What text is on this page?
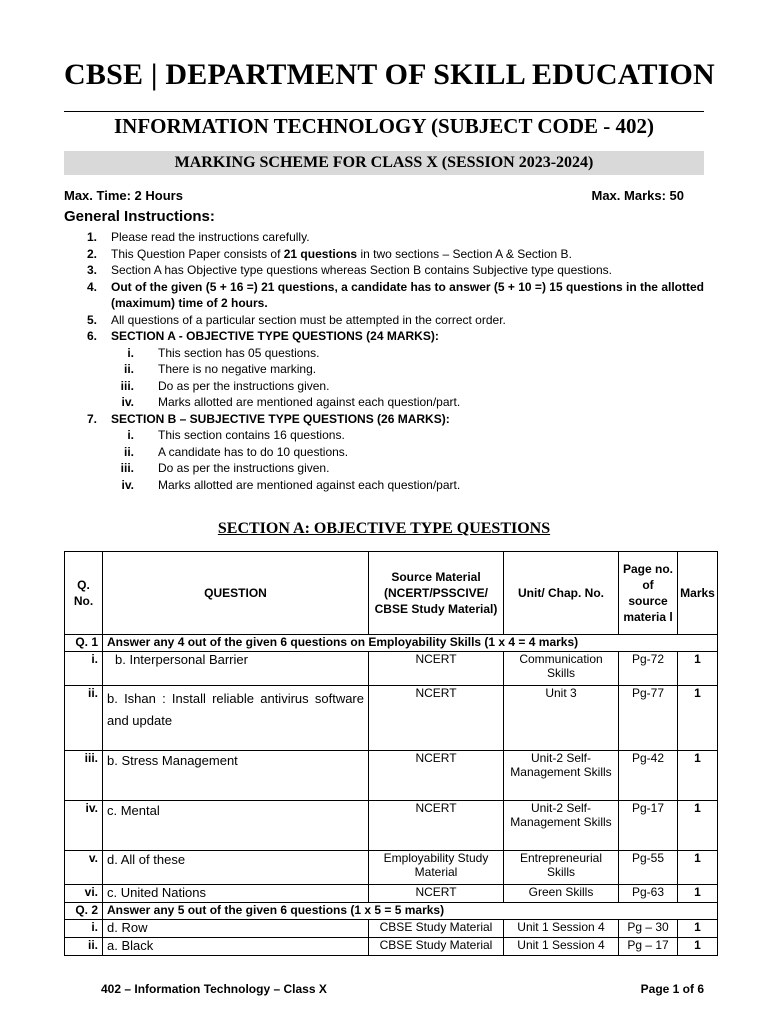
CBSE | DEPARTMENT OF SKILL EDUCATION
INFORMATION TECHNOLOGY (SUBJECT CODE - 402)
MARKING SCHEME FOR CLASS X (SESSION 2023-2024)
Max. Time: 2 Hours	Max. Marks: 50
General Instructions:
1. Please read the instructions carefully.
2. This Question Paper consists of 21 questions in two sections – Section A & Section B.
3. Section A has Objective type questions whereas Section B contains Subjective type questions.
4. Out of the given (5 + 16 =) 21 questions, a candidate has to answer (5 + 10 =) 15 questions in the allotted (maximum) time of 2 hours.
5. All questions of a particular section must be attempted in the correct order.
6. SECTION A - OBJECTIVE TYPE QUESTIONS (24 MARKS):
i. This section has 05 questions.
ii. There is no negative marking.
iii. Do as per the instructions given.
iv. Marks allotted are mentioned against each question/part.
7. SECTION B – SUBJECTIVE TYPE QUESTIONS (26 MARKS):
i. This section contains 16 questions.
ii. A candidate has to do 10 questions.
iii. Do as per the instructions given.
iv. Marks allotted are mentioned against each question/part.
SECTION A: OBJECTIVE TYPE QUESTIONS
Q. No.	QUESTION	Source Material (NCERT/PSSCIVE/ CBSE Study Material)	Unit/ Chap. No.	Page no. of source materia l	Marks
Q. 1	Answer any 4 out of the given 6 questions on Employability Skills (1 x 4 = 4 marks)				
i.	b. Interpersonal Barrier	NCERT	Communication Skills	Pg-72	1
ii.	b. Ishan : Install reliable antivirus software and update	NCERT	Unit 3	Pg-77	1
iii.	b. Stress Management	NCERT	Unit-2 Self-Management Skills	Pg-42	1
iv.	c. Mental	NCERT	Unit-2 Self-Management Skills	Pg-17	1
v.	d. All of these	Employability Study Material	Entrepreneurial Skills	Pg-55	1
vi.	c. United Nations	NCERT	Green Skills	Pg-63	1
Q. 2	Answer any 5 out of the given 6 questions (1 x 5 = 5 marks)				
i.	d. Row	CBSE Study Material	Unit 1 Session 4	Pg – 30	1
ii.	a. Black	CBSE Study Material	Unit 1 Session 4	Pg – 17	1
402 – Information Technology – Class X	Page 1 of 6
